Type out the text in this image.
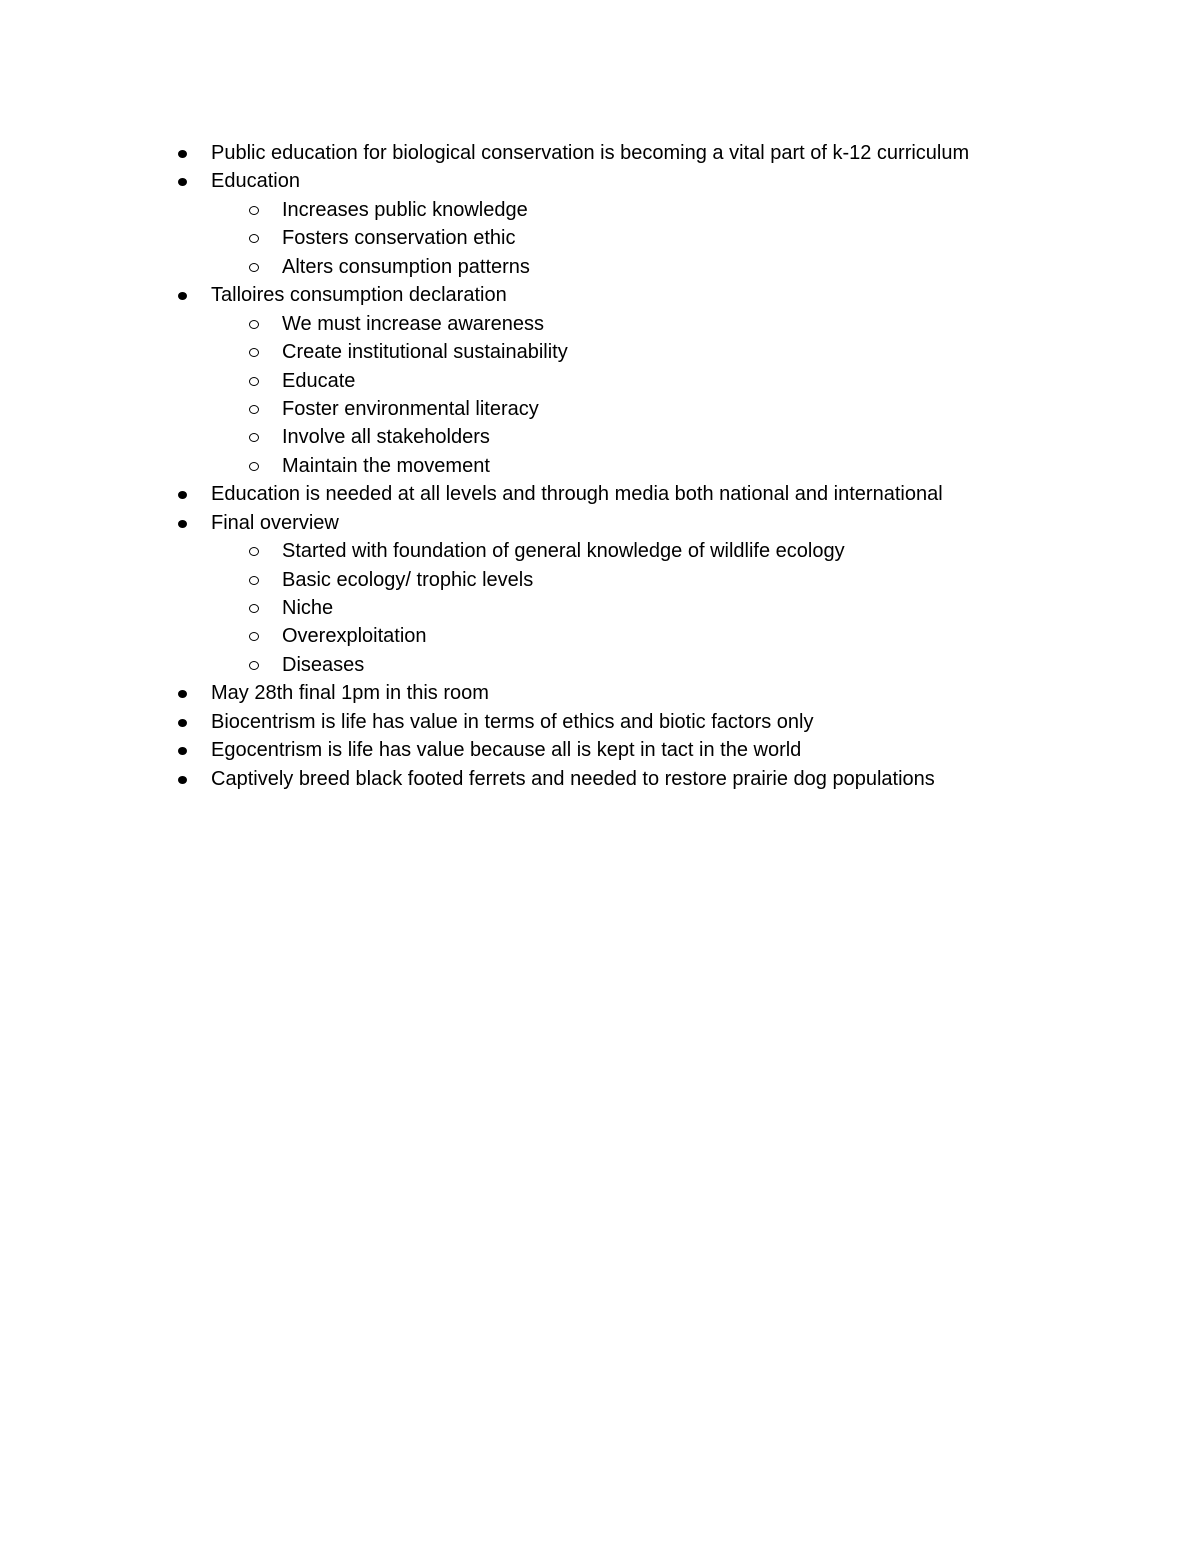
Public education for biological conservation is becoming a vital part of k-12 curriculum
Education
Increases public knowledge
Fosters conservation ethic
Alters consumption patterns
Talloires consumption declaration
We must increase awareness
Create institutional sustainability
Educate
Foster environmental literacy
Involve all stakeholders
Maintain the movement
Education is needed at all levels and through media both national and international
Final overview
Started with foundation of general knowledge of wildlife ecology
Basic ecology/ trophic levels
Niche
Overexploitation
Diseases
May 28th final 1pm in this room
Biocentrism is life has value in terms of ethics and biotic factors only
Egocentrism is life has value because all is kept in tact in the world
Captively breed black footed ferrets and needed to restore prairie dog populations
